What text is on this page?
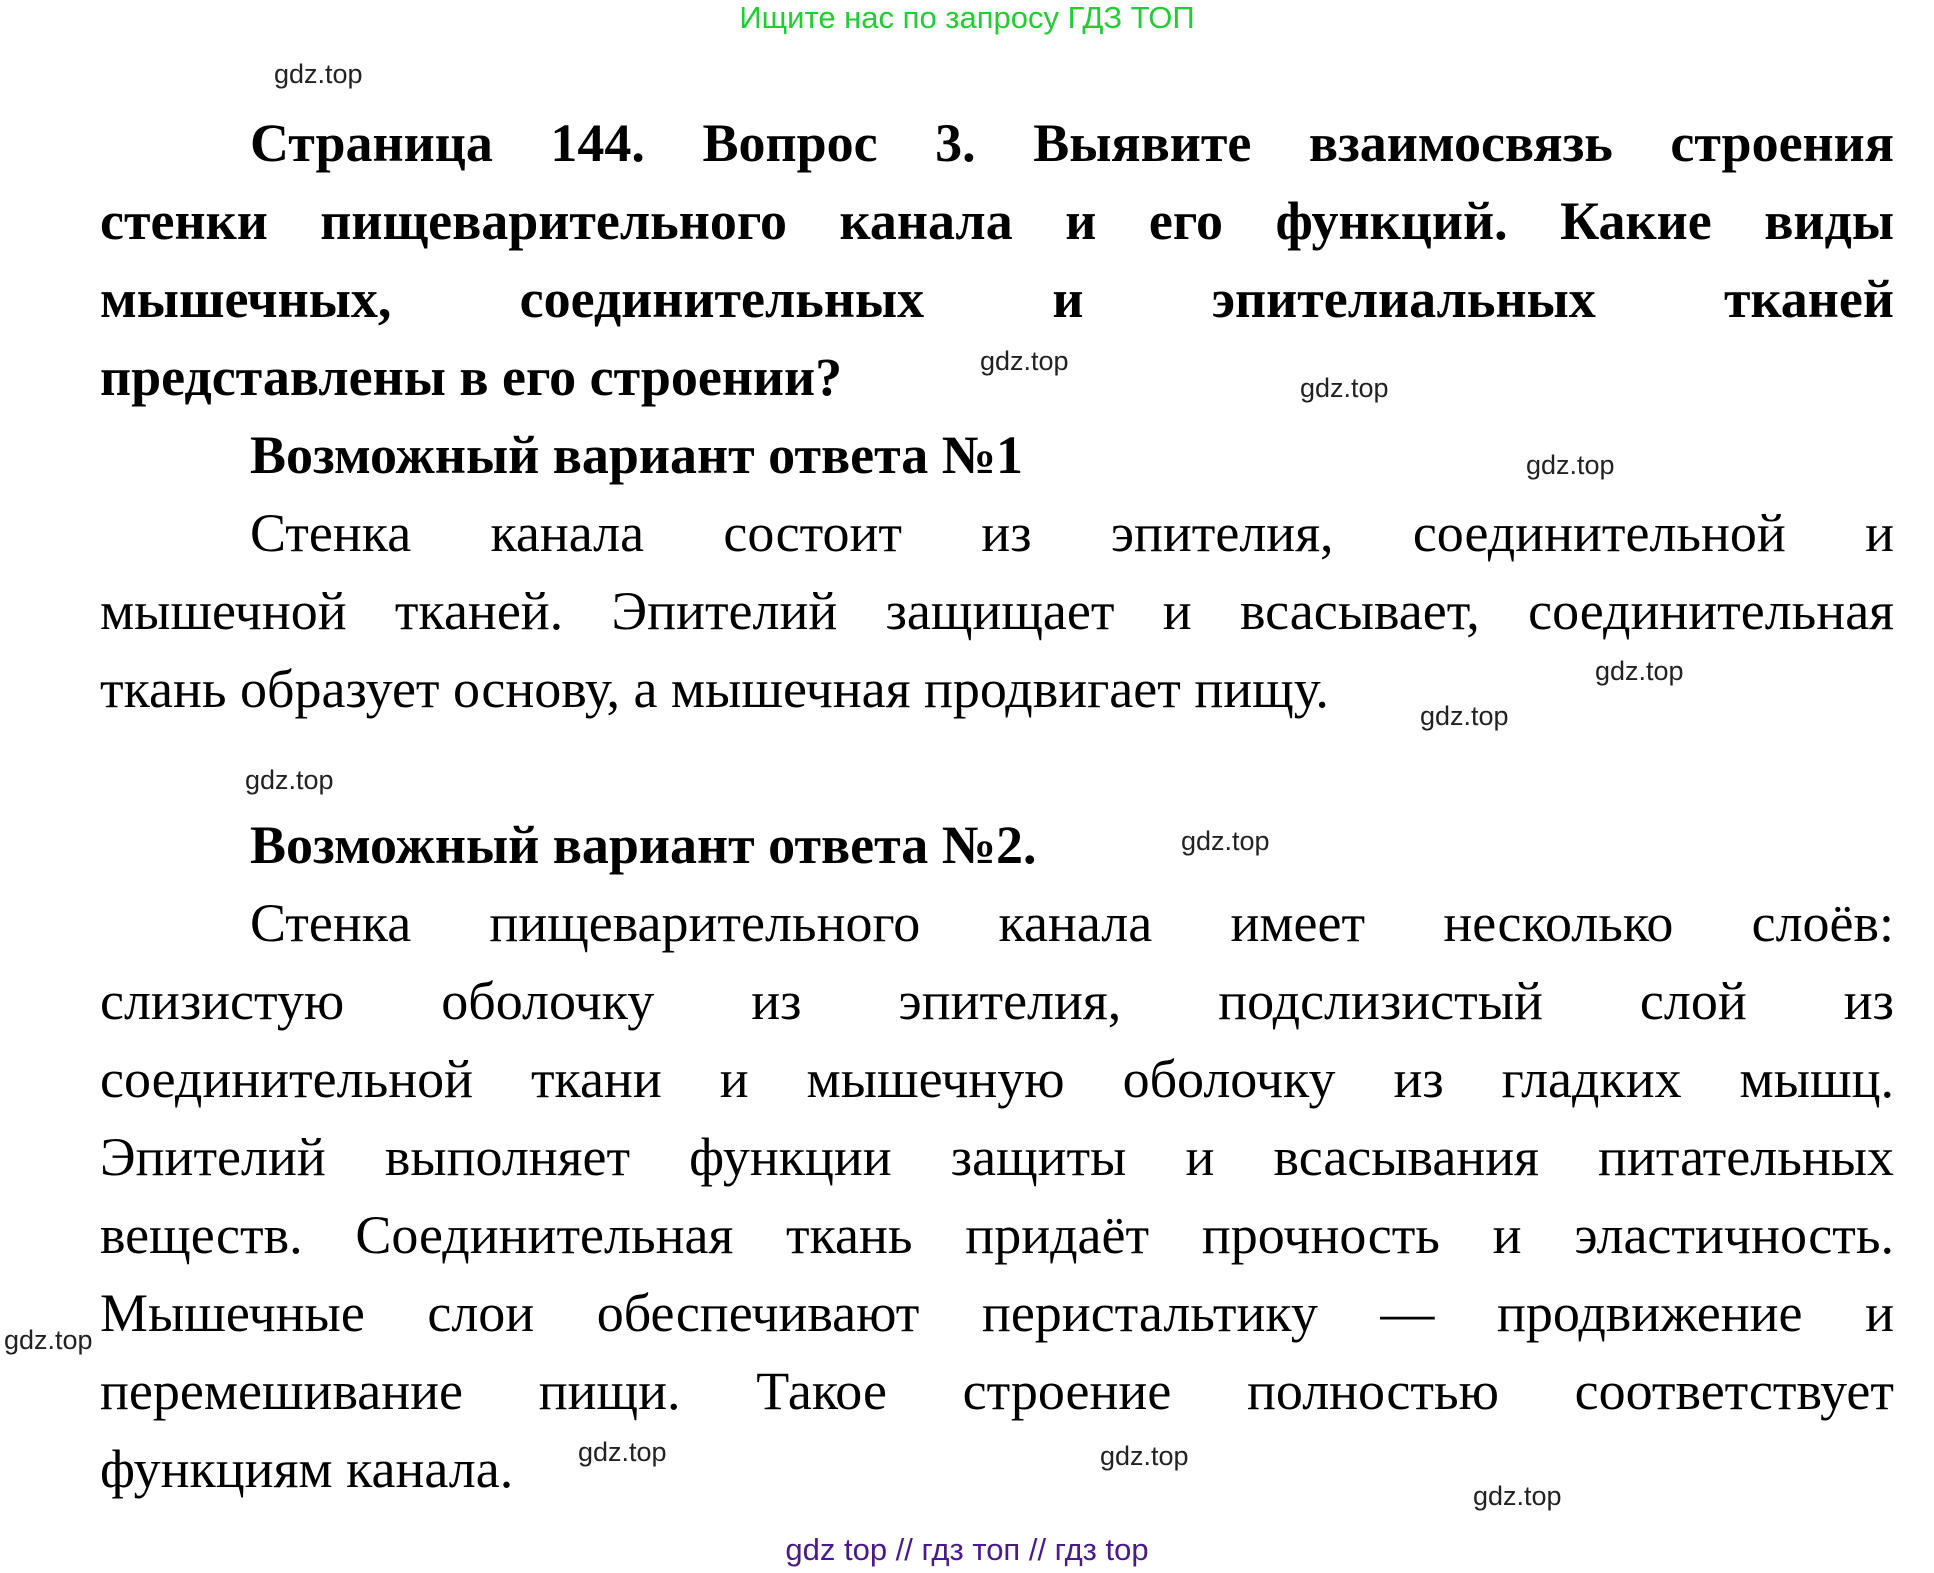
Ищите нас по запросу ГДЗ ТОП
Страница 144. Вопрос 3. Выявите взаимосвязь строения
стенки пищеварительного канала и его функций. Какие виды
мышечных, соединительных и эпителиальных тканей
представлены в его строении?
Возможный вариант ответа №1
Стенка канала состоит из эпителия, соединительной и
мышечной тканей. Эпителий защищает и всасывает, соединительная
ткань образует основу, а мышечная продвигает пищу.
Возможный вариант ответа №2.
Стенка пищеварительного канала имеет несколько слоёв:
слизистую оболочку из эпителия, подслизистый слой из
соединительной ткани и мышечную оболочку из гладких мышц.
Эпителий выполняет функции защиты и всасывания питательных
веществ. Соединительная ткань придаёт прочность и эластичность.
Мышечные слои обеспечивают перистальтику — продвижение и
перемешивание пищи. Такое строение полностью соответствует
функциям канала.
gdz.top
gdz.top
gdz.top
gdz.top
gdz.top
gdz.top
gdz.top
gdz.top
gdz.top
gdz.top
gdz.top
gdz.top
gdz top // гдз топ // гдз top
